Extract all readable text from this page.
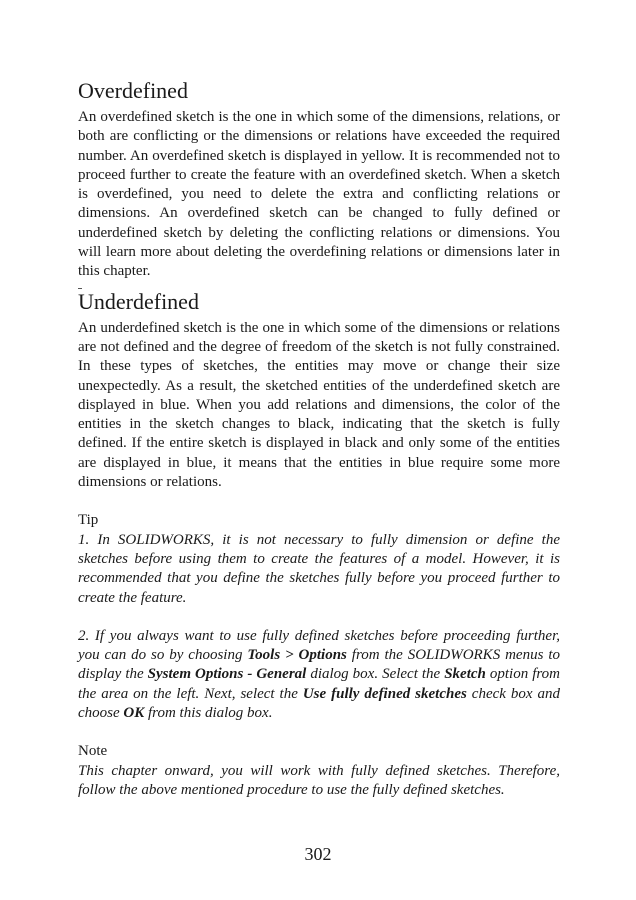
Overdefined

An overdefined sketch is the one in which some of the dimensions, relations, or both are conflicting or the dimensions or relations have exceeded the required number. An overdefined sketch is displayed in yellow. It is recommended not to proceed further to create the feature with an overdefined sketch. When a sketch is overdefined, you need to delete the extra and conflicting relations or dimensions. An overdefined sketch can be changed to fully defined or underdefined sketch by deleting the conflicting relations or dimensions. You will learn more about deleting the overdefining relations or dimensions later in this chapter.

Underdefined

An underdefined sketch is the one in which some of the dimensions or relations are not defined and the degree of freedom of the sketch is not fully constrained. In these types of sketches, the entities may move or change their size unexpectedly. As a result, the sketched entities of the underdefined sketch are displayed in blue. When you add relations and dimensions, the color of the entities in the sketch changes to black, indicating that the sketch is fully defined. If the entire sketch is displayed in black and only some of the entities are displayed in blue, it means that the entities in blue require some more dimensions or relations.

Tip

1. In SOLIDWORKS, it is not necessary to fully dimension or define the sketches before using them to create the features of a model. However, it is recommended that you define the sketches fully before you proceed further to create the feature.

2. If you always want to use fully defined sketches before proceeding further, you can do so by choosing Tools > Options from the SOLIDWORKS menus to display the System Options - General dialog box. Select the Sketch option from the area on the left. Next, select the Use fully defined sketches check box and choose OK from this dialog box.

Note

This chapter onward, you will work with fully defined sketches. Therefore, follow the above mentioned procedure to use the fully defined sketches.

302
